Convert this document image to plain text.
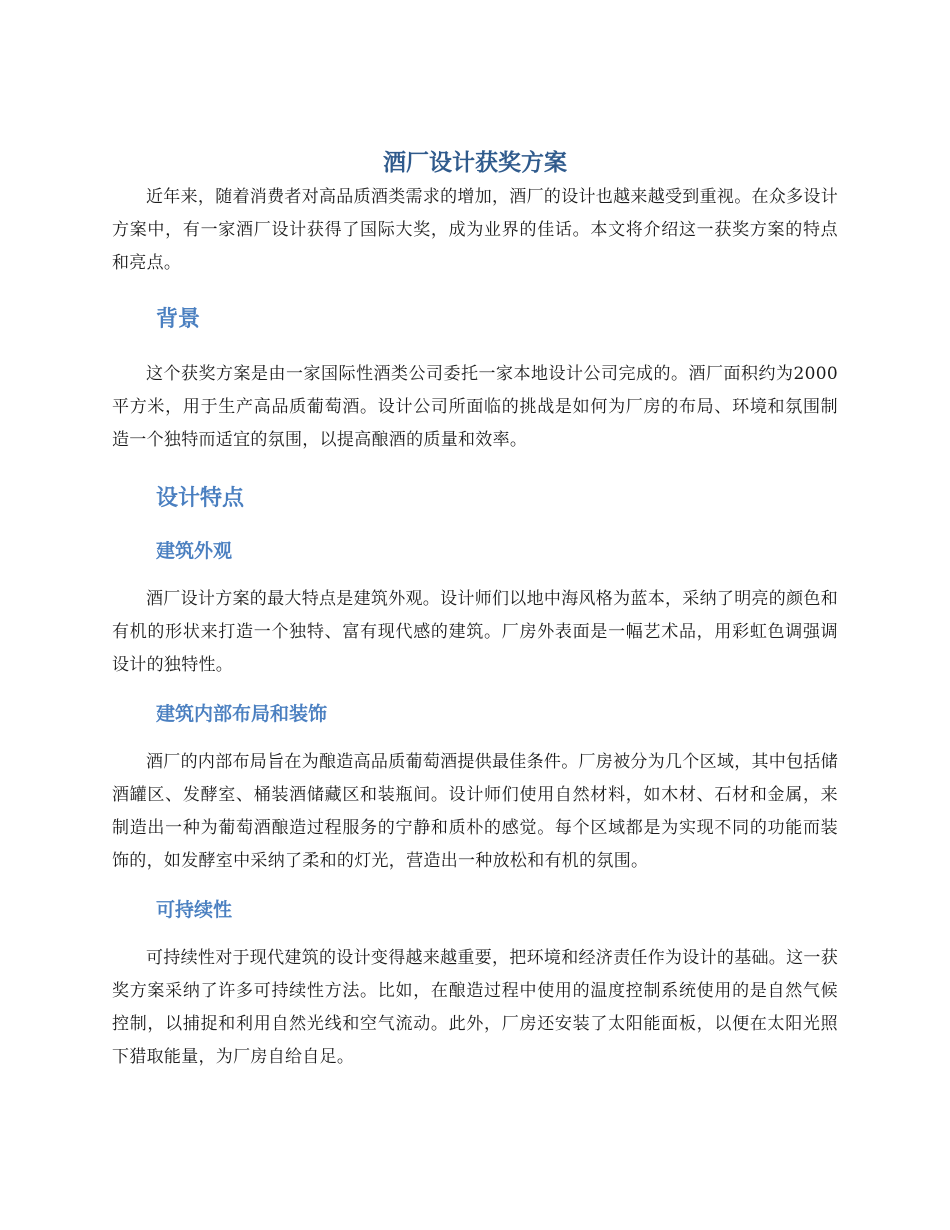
酒厂设计获奖方案

近年来，随着消费者对高品质酒类需求的增加，酒厂的设计也越来越受到重视。在众多设计方案中，有一家酒厂设计获得了国际大奖，成为业界的佳话。本文将介绍这一获奖方案的特点和亮点。

背景

这个获奖方案是由一家国际性酒类公司委托一家本地设计公司完成的。酒厂面积约为2000平方米，用于生产高品质葡萄酒。设计公司所面临的挑战是如何为厂房的布局、环境和氛围制造一个独特而适宜的氛围，以提高酿酒的质量和效率。

设计特点
建筑外观

酒厂设计方案的最大特点是建筑外观。设计师们以地中海风格为蓝本，采纳了明亮的颜色和有机的形状来打造一个独特、富有现代感的建筑。厂房外表面是一幅艺术品，用彩虹色调强调设计的独特性。

建筑内部布局和装饰

酒厂的内部布局旨在为酿造高品质葡萄酒提供最佳条件。厂房被分为几个区域，其中包括储酒罐区、发酵室、桶装酒储藏区和装瓶间。设计师们使用自然材料，如木材、石材和金属，来制造出一种为葡萄酒酿造过程服务的宁静和质朴的感觉。每个区域都是为实现不同的功能而装饰的，如发酵室中采纳了柔和的灯光，营造出一种放松和有机的氛围。

可持续性

可持续性对于现代建筑的设计变得越来越重要，把环境和经济责任作为设计的基础。这一获奖方案采纳了许多可持续性方法。比如，在酿造过程中使用的温度控制系统使用的是自然气候控制，以捕捉和利用自然光线和空气流动。此外，厂房还安装了太阳能面板，以便在太阳光照下猎取能量，为厂房自给自足。
